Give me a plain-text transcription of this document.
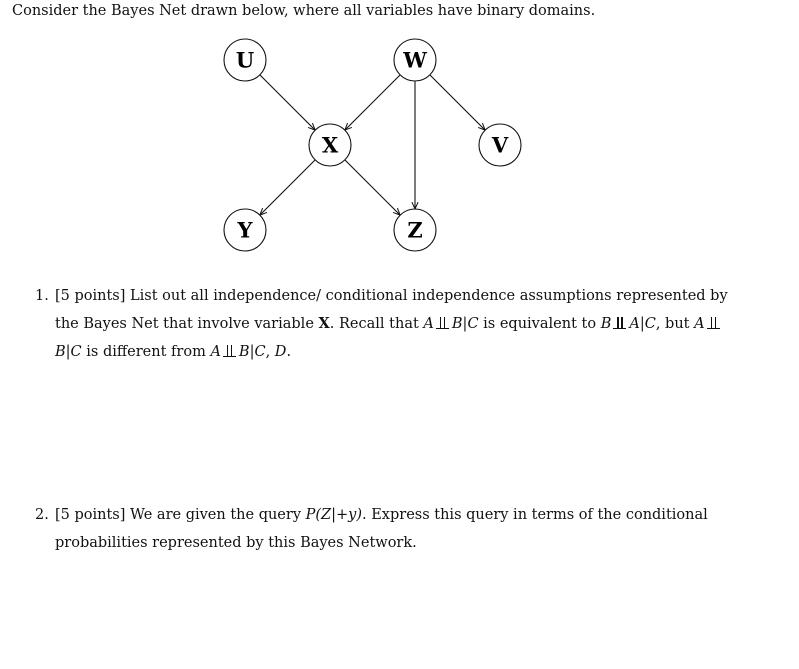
Consider the Bayes Net drawn below, where all variables have binary domains.
U	W
X	V
Y	Z
1. [5 points] List out all independence/ conditional independence assumptions represented by the Bayes Net that involve variable X. Recall that A B|C is equivalent to B A|C, but A
B|C is different from A B|C, D.
2. [5 points] We are given the query P(Z|+y). Express this query in terms of the conditional probabilities represented by this Bayes Network.
